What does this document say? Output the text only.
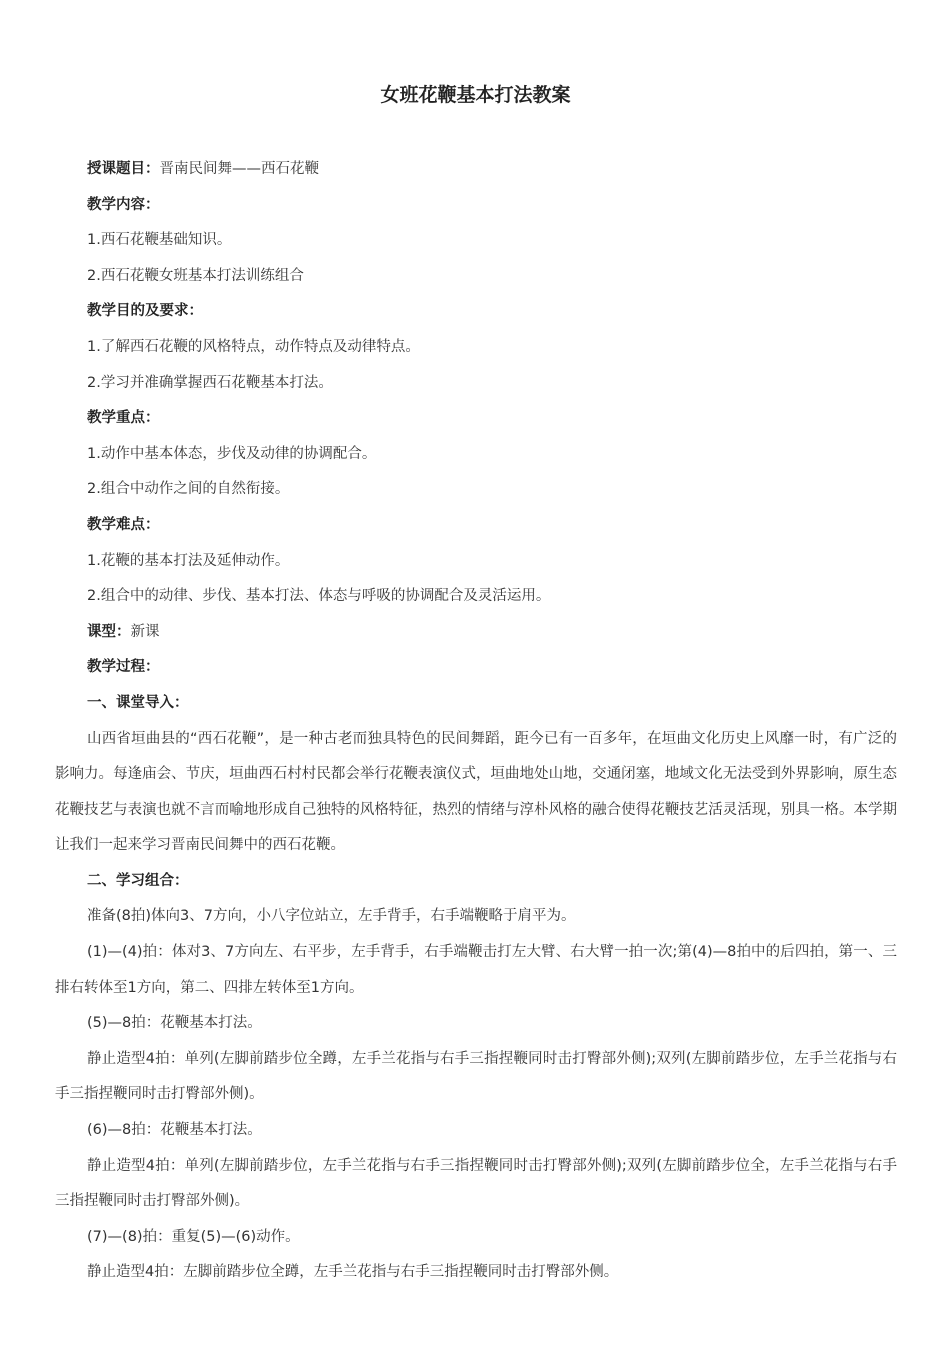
女班花鞭基本打法教案

授课题目：晋南民间舞——西石花鞭

教学内容：

1.西石花鞭基础知识。

2.西石花鞭女班基本打法训练组合

教学目的及要求：

1.了解西石花鞭的风格特点，动作特点及动律特点。

2.学习并准确掌握西石花鞭基本打法。

教学重点：

1.动作中基本体态，步伐及动律的协调配合。

2.组合中动作之间的自然衔接。

教学难点：

1.花鞭的基本打法及延伸动作。

2.组合中的动律、步伐、基本打法、体态与呼吸的协调配合及灵活运用。

课型：新课

教学过程：

一、课堂导入：

山西省垣曲县的“西石花鞭”，是一种古老而独具特色的民间舞蹈，距今已有一百多年，在垣曲文化历史上风靡一时，有广泛的影响力。每逢庙会、节庆，垣曲西石村村民都会举行花鞭表演仪式，垣曲地处山地，交通闭塞，地域文化无法受到外界影响，原生态花鞭技艺与表演也就不言而喻地形成自己独特的风格特征，热烈的情绪与淳朴风格的融合使得花鞭技艺活灵活现，别具一格。本学期让我们一起来学习晋南民间舞中的西石花鞭。

二、学习组合：

准备(8拍)体向3、7方向，小八字位站立，左手背手，右手端鞭略于肩平为。

(1)—(4)拍：体对3、7方向左、右平步，左手背手，右手端鞭击打左大臂、右大臂一拍一次;第(4)—8拍中的后四拍，第一、三排右转体至1方向，第二、四排左转体至1方向。

(5)—8拍：花鞭基本打法。

静止造型4拍：单列(左脚前踏步位全蹲，左手兰花指与右手三指捏鞭同时击打臀部外侧);双列(左脚前踏步位，左手兰花指与右手三指捏鞭同时击打臀部外侧)。

(6)—8拍：花鞭基本打法。

静止造型4拍：单列(左脚前踏步位，左手兰花指与右手三指捏鞭同时击打臀部外侧);双列(左脚前踏步位全，左手兰花指与右手三指捏鞭同时击打臀部外侧)。

(7)—(8)拍：重复(5)—(6)动作。

静止造型4拍：左脚前踏步位全蹲，左手兰花指与右手三指捏鞭同时击打臀部外侧。
